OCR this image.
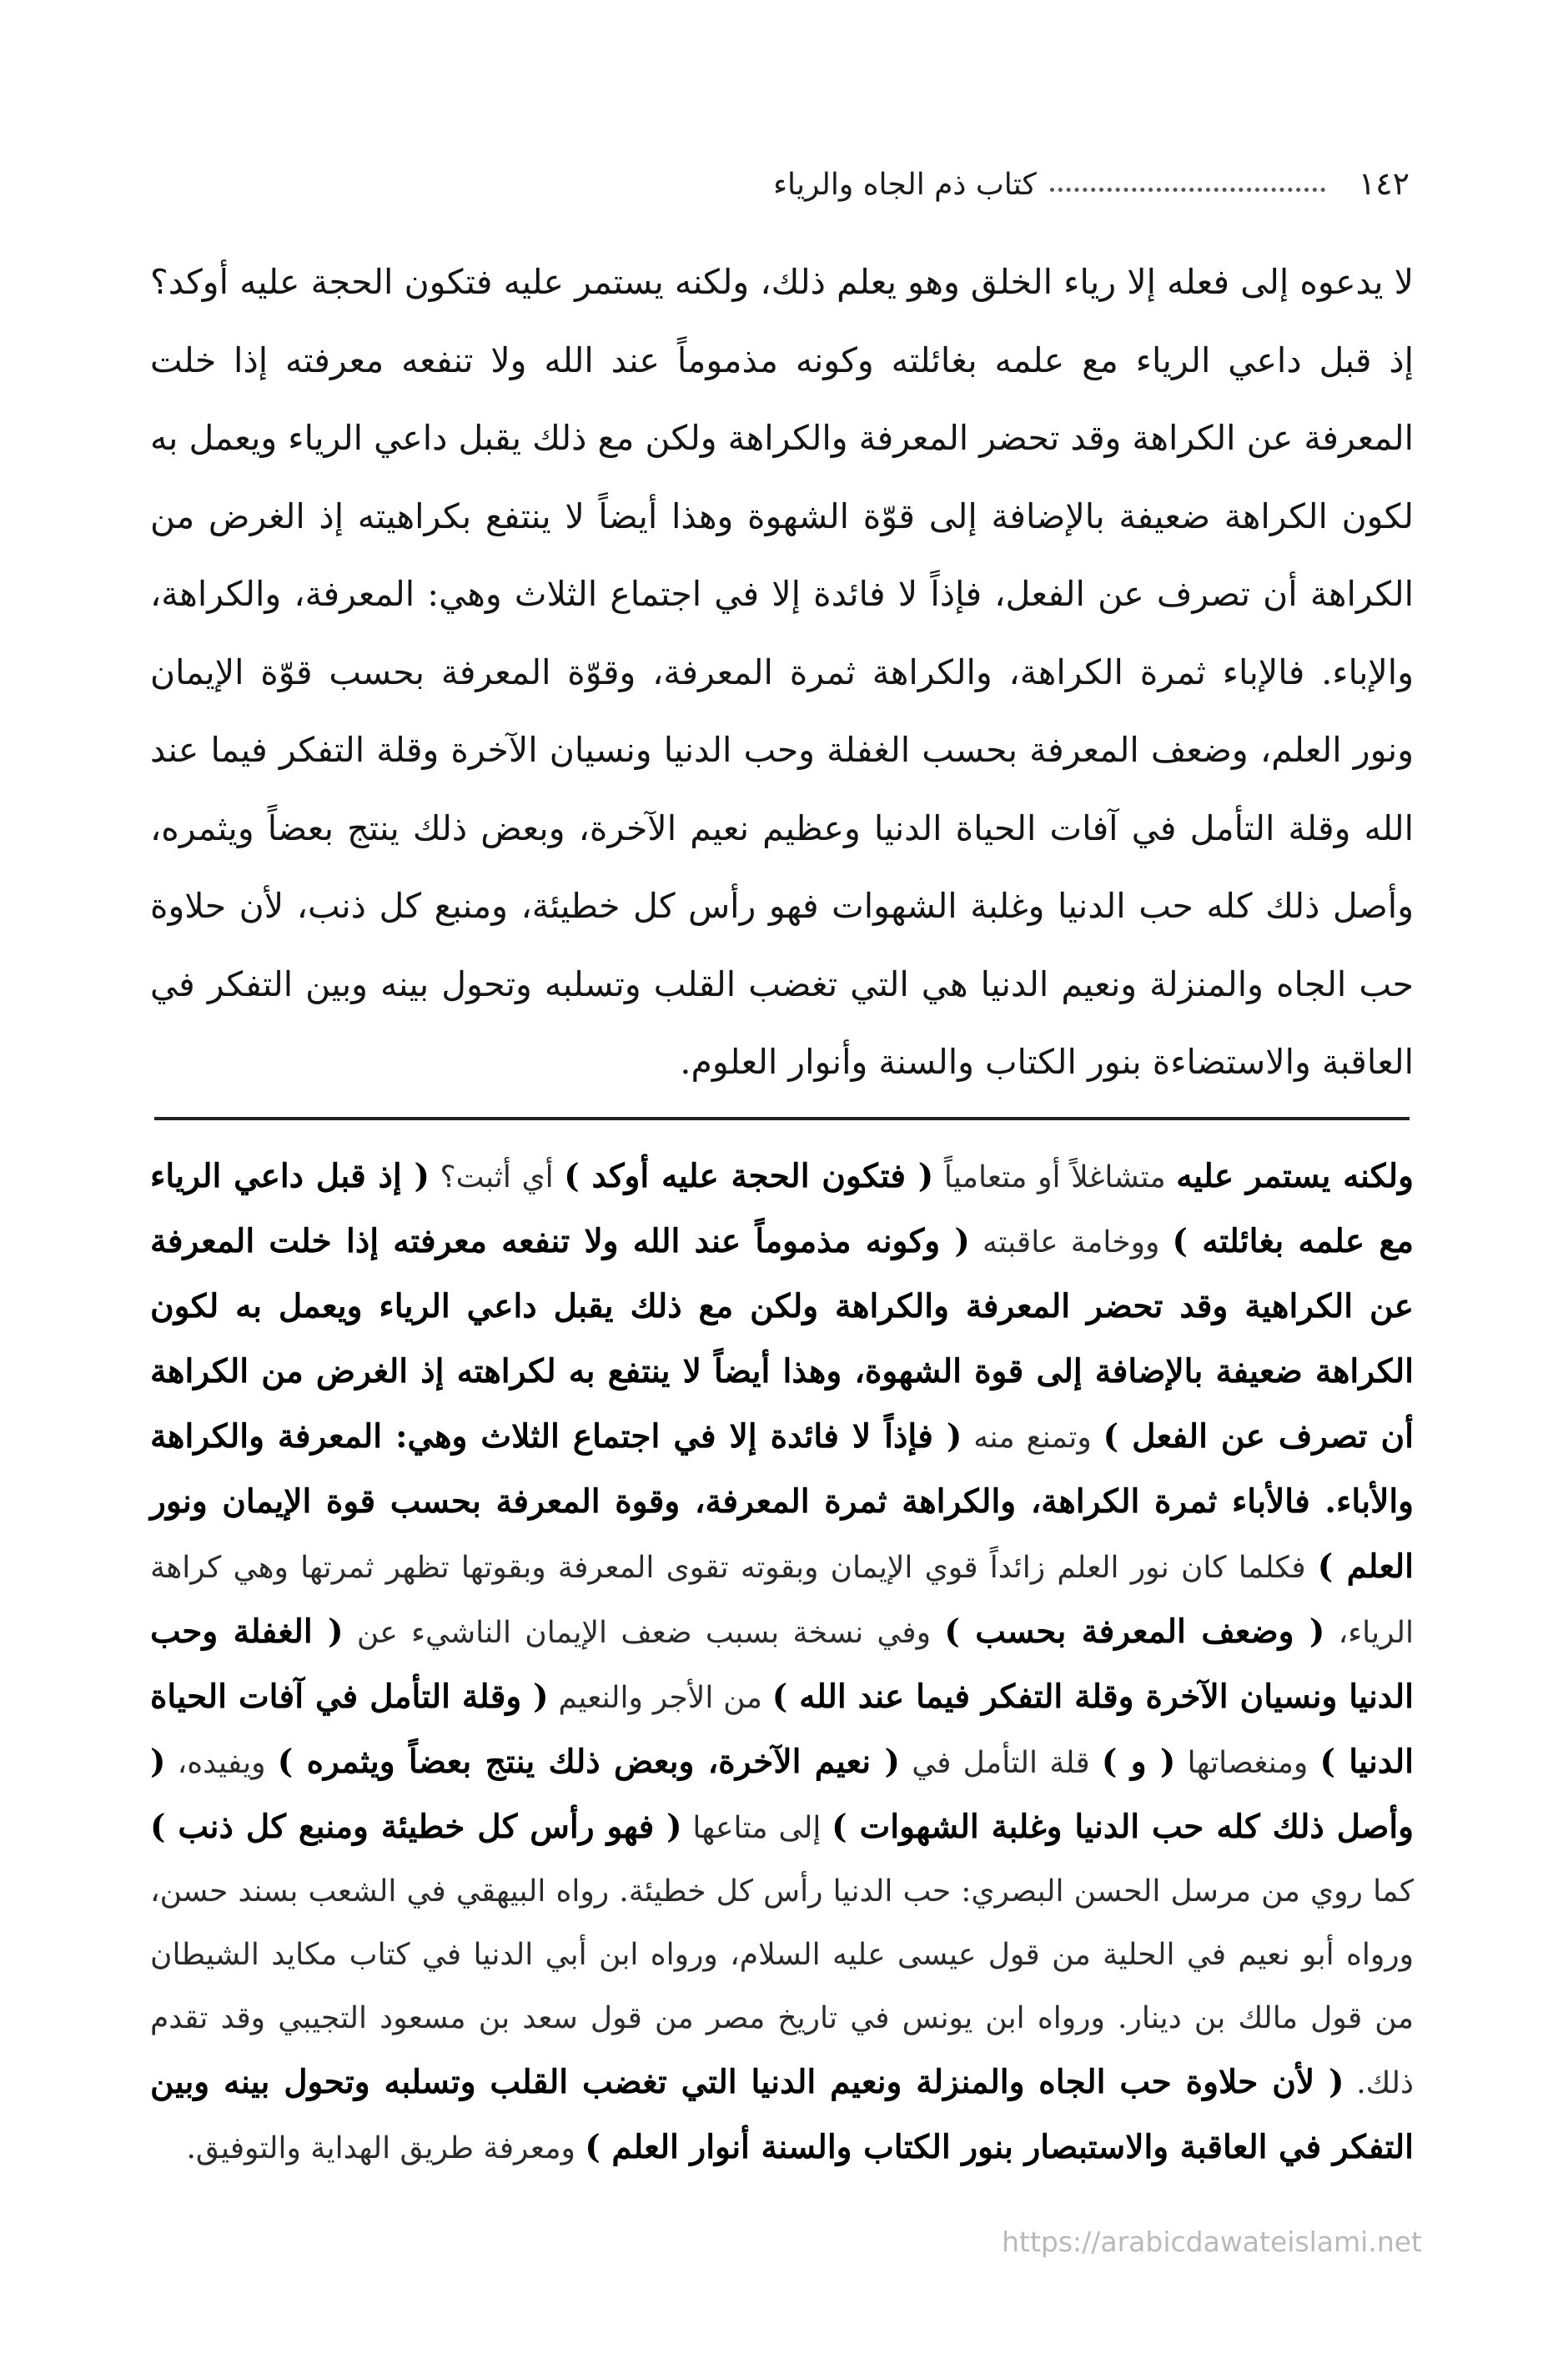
١٤٢
كتاب ذم الجاه والرياء

لا يدعوه إلى فعله إلا رياء الخلق وهو يعلم ذلك، ولكنه يستمر عليه فتكون الحجة عليه أوكد؟ إذ قبل داعي الرياء مع علمه بغائلته وكونه مذموماً عند الله ولا تنفعه معرفته إذا خلت المعرفة عن الكراهة وقد تحضر المعرفة والكراهة ولكن مع ذلك يقبل داعي الرياء ويعمل به لكون الكراهة ضعيفة بالإضافة إلى قوّة الشهوة وهذا أيضاً لا ينتفع بكراهيته إذ الغرض من الكراهة أن تصرف عن الفعل، فإذاً لا فائدة إلا في اجتماع الثلاث وهي: المعرفة، والكراهة، والإباء. فالإباء ثمرة الكراهة، والكراهة ثمرة المعرفة، وقوّة المعرفة بحسب قوّة الإيمان ونور العلم، وضعف المعرفة بحسب الغفلة وحب الدنيا ونسيان الآخرة وقلة التفكر فيما عند الله وقلة التأمل في آفات الحياة الدنيا وعظيم نعيم الآخرة، وبعض ذلك ينتج بعضاً ويثمره، وأصل ذلك كله حب الدنيا وغلبة الشهوات فهو رأس كل خطيئة، ومنبع كل ذنب، لأن حلاوة حب الجاه والمنزلة ونعيم الدنيا هي التي تغضب القلب وتسلبه وتحول بينه وبين التفكر في العاقبة والاستضاءة بنور الكتاب والسنة وأنوار العلوم.

ولكنه يستمر عليه متشاغلاً أو متعامياً ( فتكون الحجة عليه أوكد ) أي أثبت؟ ( إذ قبل داعي الرياء مع علمه بغائلته ) ووخامة عاقبته ( وكونه مذموماً عند الله ولا تنفعه معرفته إذا خلت المعرفة عن الكراهية وقد تحضر المعرفة والكراهة ولكن مع ذلك يقبل داعي الرياء ويعمل به لكون الكراهة ضعيفة بالإضافة إلى قوة الشهوة، وهذا أيضاً لا ينتفع به لكراهته إذ الغرض من الكراهة أن تصرف عن الفعل ) وتمنع منه ( فإذاً لا فائدة إلا في اجتماع الثلاث وهي: المعرفة والكراهة والأباء. فالأباء ثمرة الكراهة، والكراهة ثمرة المعرفة، وقوة المعرفة بحسب قوة الإيمان ونور العلم ) فكلما كان نور العلم زائداً قوي الإيمان وبقوته تقوى المعرفة وبقوتها تظهر ثمرتها وهي كراهة الرياء، ( وضعف المعرفة بحسب ) وفي نسخة بسبب ضعف الإيمان الناشيء عن ( الغفلة وحب الدنيا ونسيان الآخرة وقلة التفكر فيما عند الله ) من الأجر والنعيم ( وقلة التأمل في آفات الحياة الدنيا ) ومنغصاتها ( و ) قلة التأمل في ( نعيم الآخرة، وبعض ذلك ينتج بعضاً ويثمره ) ويفيده، ( وأصل ذلك كله حب الدنيا وغلبة الشهوات ) إلى متاعها ( فهو رأس كل خطيئة ومنبع كل ذنب ) كما روي من مرسل الحسن البصري: حب الدنيا رأس كل خطيئة. رواه البيهقي في الشعب بسند حسن، ورواه أبو نعيم في الحلية من قول عيسى عليه السلام، ورواه ابن أبي الدنيا في كتاب مكايد الشيطان من قول مالك بن دينار. ورواه ابن يونس في تاريخ مصر من قول سعد بن مسعود التجيبي وقد تقدم ذلك. ( لأن حلاوة حب الجاه والمنزلة ونعيم الدنيا التي تغضب القلب وتسلبه وتحول بينه وبين التفكر في العاقبة والاستبصار بنور الكتاب والسنة أنوار العلم ) ومعرفة طريق الهداية والتوفيق.

https://arabicdawateislami.net
